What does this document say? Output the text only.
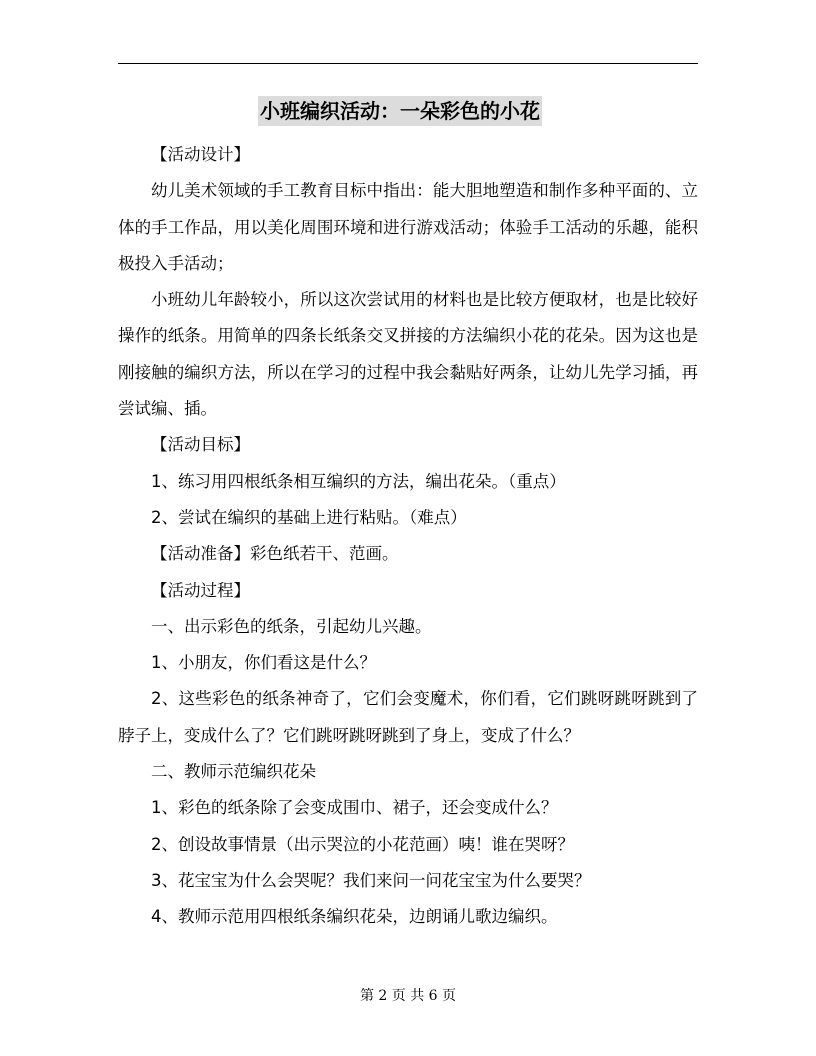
小班编织活动：一朵彩色的小花

【活动设计】

幼儿美术领域的手工教育目标中指出：能大胆地塑造和制作多种平面的、立体的手工作品，用以美化周围环境和进行游戏活动；体验手工活动的乐趣，能积极投入手活动；

小班幼儿年龄较小，所以这次尝试用的材料也是比较方便取材，也是比较好操作的纸条。用简单的四条长纸条交叉拼接的方法编织小花的花朵。因为这也是刚接触的编织方法，所以在学习的过程中我会黏贴好两条，让幼儿先学习插，再尝试编、插。

【活动目标】

1、练习用四根纸条相互编织的方法，编出花朵。（重点）

2、尝试在编织的基础上进行粘贴。（难点）

【活动准备】彩色纸若干、范画。

【活动过程】

一、出示彩色的纸条，引起幼儿兴趣。

1、小朋友，你们看这是什么？

2、这些彩色的纸条神奇了，它们会变魔术，你们看，它们跳呀跳呀跳到了脖子上，变成什么了？它们跳呀跳呀跳到了身上，变成了什么？

二、教师示范编织花朵

1、彩色的纸条除了会变成围巾、裙子，还会变成什么？

2、创设故事情景（出示哭泣的小花范画）咦！谁在哭呀？

3、花宝宝为什么会哭呢？我们来问一问花宝宝为什么要哭？

4、教师示范用四根纸条编织花朵，边朗诵儿歌边编织。

第 2 页 共 6 页
